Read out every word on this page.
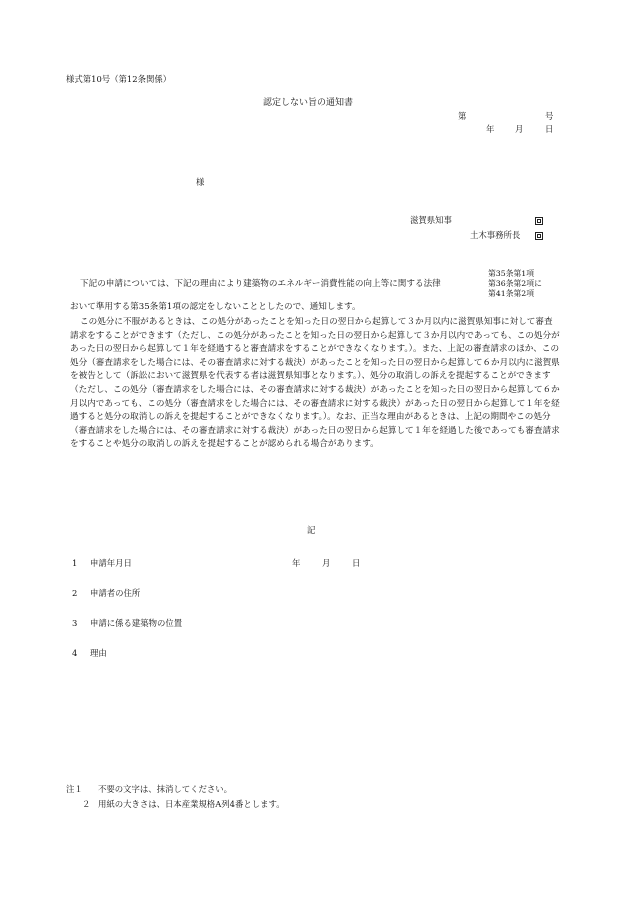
様式第10号（第12条関係）
認定しない旨の通知書
第	号
年 月	日
様
滋賀県知事
土木事務所長
第35条第1項
下記の申請については、下記の理由により建築物のエネルギー消費性能の向上等に関する法律	第36条第2項に
第41条第2項
おいて準用する第35条第1項の認定をしないこととしたので、通知します。
この処分に不服があるときは、この処分があったことを知った日の翌日から起算して３か月以内に滋賀県知事に対して審査請求をすることができます（ただし、この処分があったことを知った日の翌日から起算して３か月以内であっても、この処分があった日の翌日から起算して１年を経過すると審査請求をすることができなくなります。）。また、上記の審査請求のほか、この処分（審査請求をした場合には、その審査請求に対する裁決）があったことを知った日の翌日から起算して６か月以内に滋賀県を被告として（訴訟において滋賀県を代表する者は滋賀県知事となります。）、処分の取消しの訴えを提起することができます（ただし、この処分（審査請求をした場合には、その審査請求に対する裁決）があったことを知った日の翌日から起算して６か月以内であっても、この処分（審査請求をした場合には、その審査請求に対する裁決）があった日の翌日から起算して１年を経過すると処分の取消しの訴えを提起することができなくなります。）。なお、正当な理由があるときは、上記の期間やこの処分（審査請求をした場合には、その審査請求に対する裁決）があった日の翌日から起算して１年を経過した後であっても審査請求をすることや処分の取消しの訴えを提起することが認められる場合があります。
記
1 申請年月日	年	月	日
2 申請者の住所
3 申請に係る建築物の位置
4 理由
注１ 不要の文字は、抹消してください。
２ 用紙の大きさは、日本産業規格A列4番とします。
